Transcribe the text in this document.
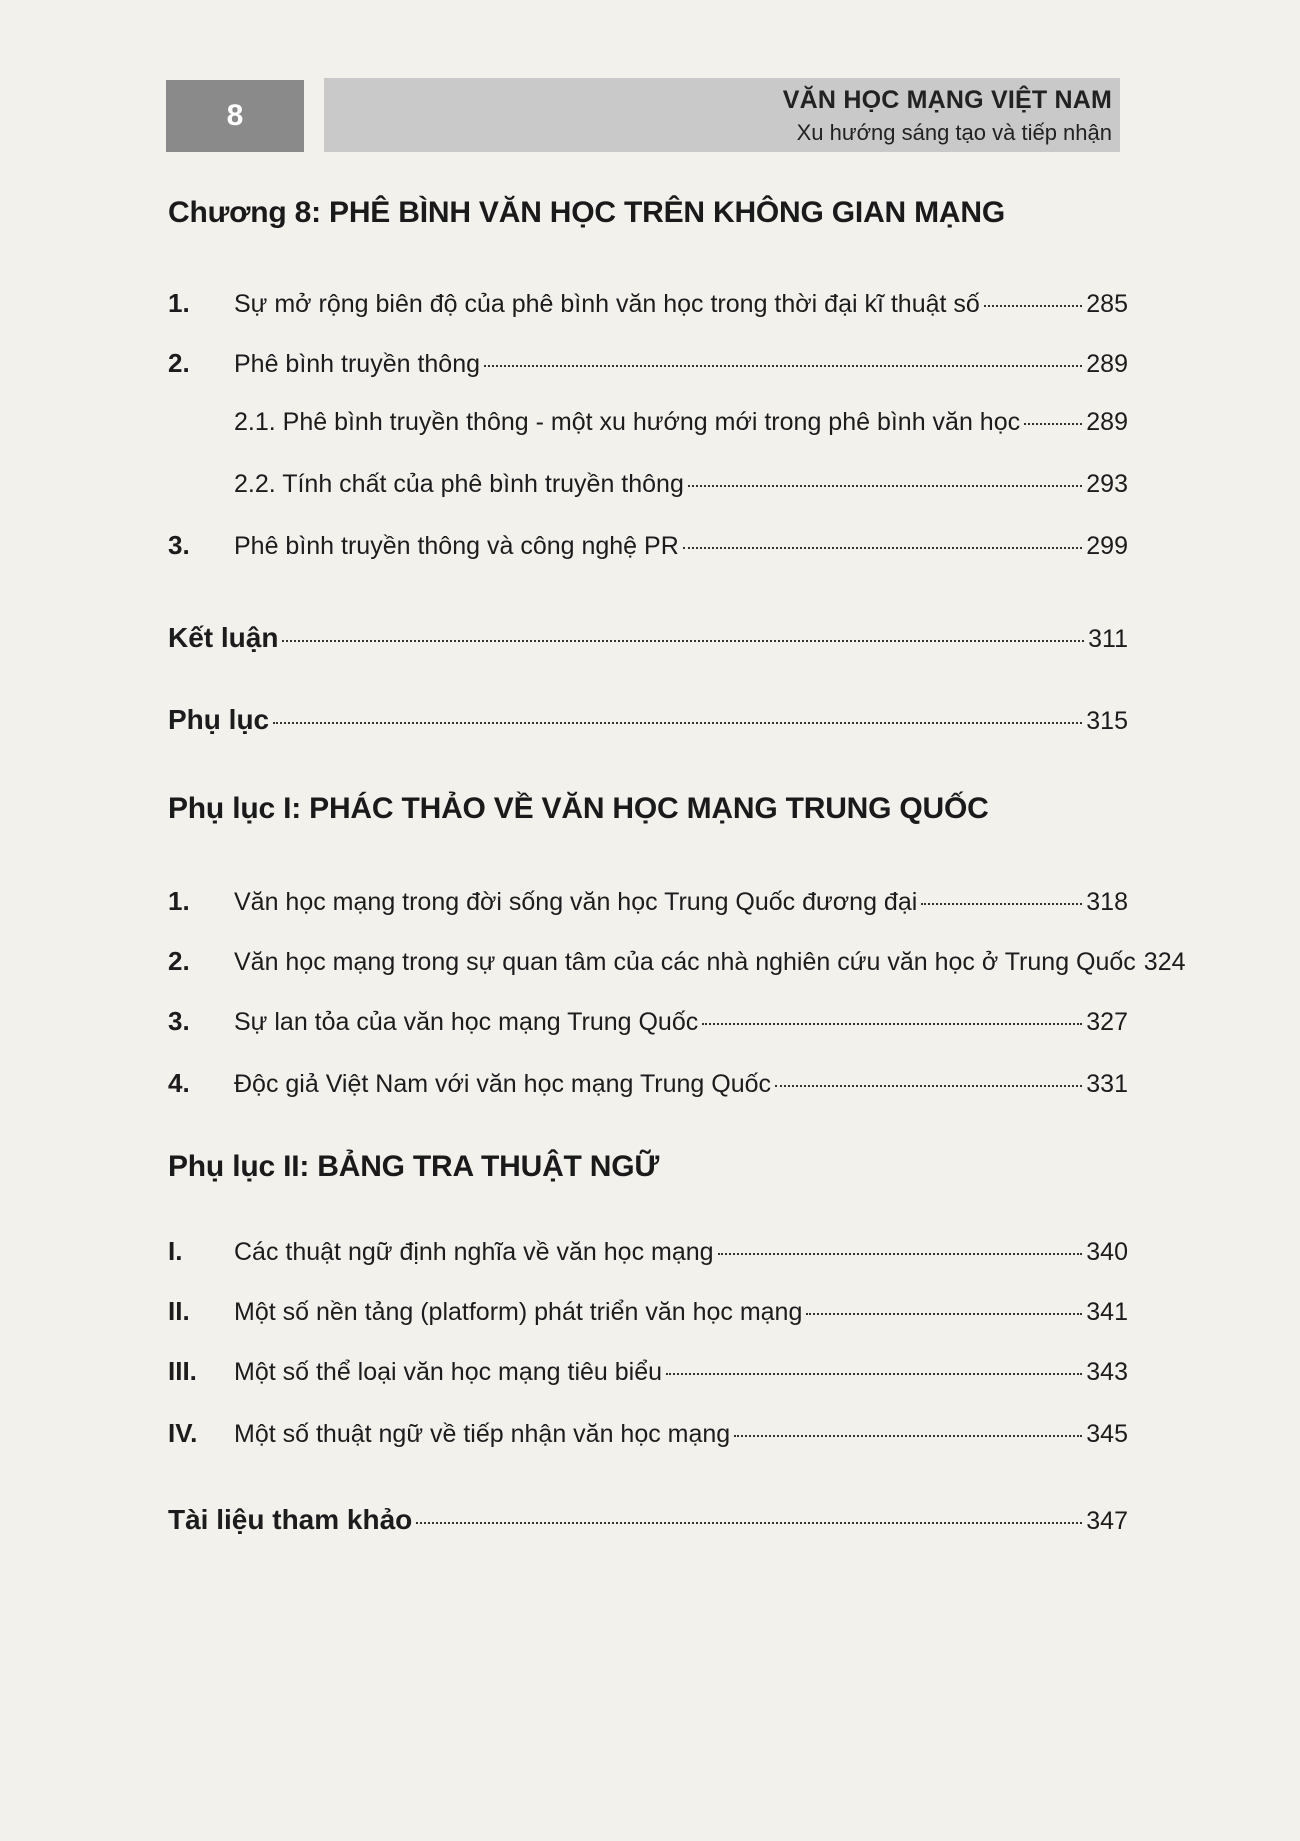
8	VĂN HỌC MẠNG VIỆT NAM
Xu hướng sáng tạo và tiếp nhận
Chương 8: PHÊ BÌNH VĂN HỌC TRÊN KHÔNG GIAN MẠNG
1.	Sự mở rộng biên độ của phê bình văn học trong thời đại kĩ thuật số	285
2.	Phê bình truyền thông	289
2.1. Phê bình truyền thông - một xu hướng mới trong phê bình văn học	289
2.2. Tính chất của phê bình truyền thông	293
3.	Phê bình truyền thông và công nghệ PR	299
Kết luận	311
Phụ lục	315
Phụ lục I: PHÁC THẢO VỀ VĂN HỌC MẠNG TRUNG QUỐC
1.	Văn học mạng trong đời sống văn học Trung Quốc đương đại	318
2.	Văn học mạng trong sự quan tâm của các nhà nghiên cứu văn học ở Trung Quốc 324
3.	Sự lan tỏa của văn học mạng Trung Quốc	327
4.	Độc giả Việt Nam với văn học mạng Trung Quốc	331
Phụ lục II: BẢNG TRA THUẬT NGỮ
I.	Các thuật ngữ định nghĩa về văn học mạng	340
II.	Một số nền tảng (platform) phát triển văn học mạng	341
III.	Một số thể loại văn học mạng tiêu biểu	343
IV.	Một số thuật ngữ về tiếp nhận văn học mạng	345
Tài liệu tham khảo	347
